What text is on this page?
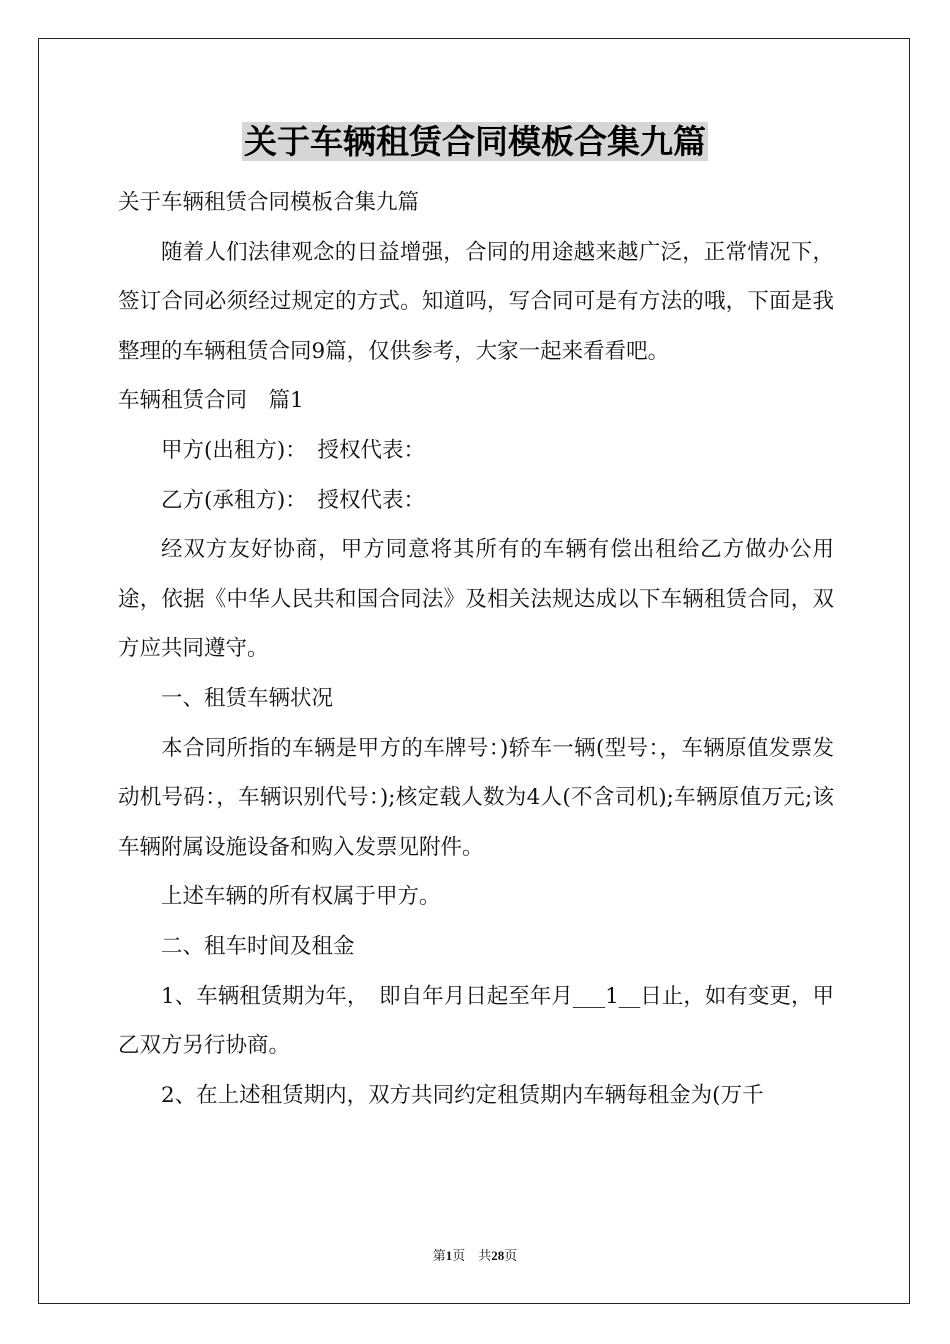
关于车辆租赁合同模板合集九篇

关于车辆租赁合同模板合集九篇

随着人们法律观念的日益增强，合同的用途越来越广泛，正常情况下，签订合同必须经过规定的方式。知道吗，写合同可是有方法的哦，下面是我整理的车辆租赁合同9篇，仅供参考，大家一起来看看吧。

车辆租赁合同　篇1

甲方(出租方)：　授权代表：

乙方(承租方)：　授权代表：

经双方友好协商，甲方同意将其所有的车辆有偿出租给乙方做办公用途，依据《中华人民共和国合同法》及相关法规达成以下车辆租赁合同，双方应共同遵守。

一、租赁车辆状况

本合同所指的车辆是甲方的车牌号：)轿车一辆(型号：，车辆原值发票发动机号码：，车辆识别代号：);核定载人数为4人(不含司机);车辆原值万元;该车辆附属设施设备和购入发票见附件。

上述车辆的所有权属于甲方。

二、租车时间及租金

1、车辆租赁期为年，　即自年月日起至年月___1__日止，如有变更，甲乙双方另行协商。

2、在上述租赁期内，双方共同约定租赁期内车辆每租金为(万千

第1页　共28页
